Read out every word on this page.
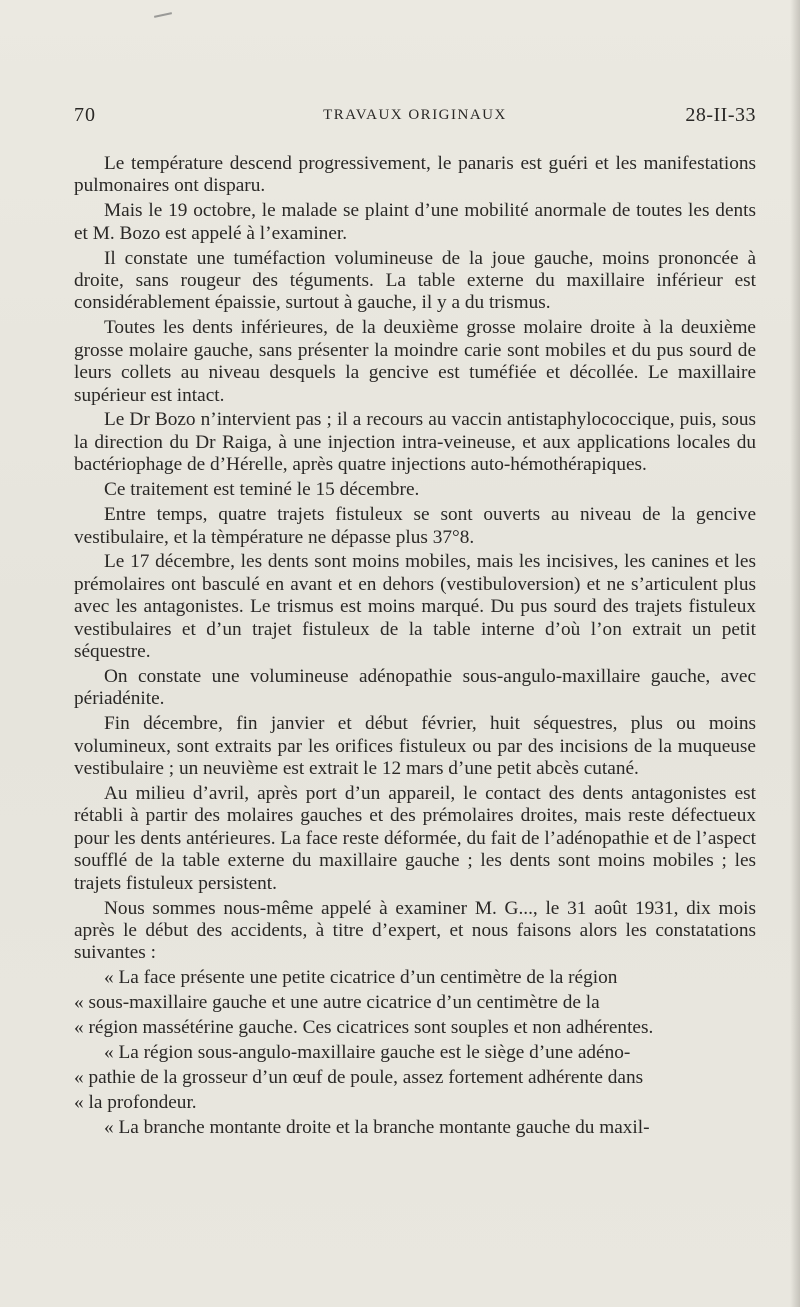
70	TRAVAUX ORIGINAUX	28-II-33

Le température descend progressivement, le panaris est guéri et les manifestations pulmonaires ont disparu.

Mais le 19 octobre, le malade se plaint d’une mobilité anormale de toutes les dents et M. Bozo est appelé à l’examiner.

Il constate une tuméfaction volumineuse de la joue gauche, moins prononcée à droite, sans rougeur des téguments. La table externe du maxillaire inférieur est considérablement épaissie, surtout à gauche, il y a du trismus.

Toutes les dents inférieures, de la deuxième grosse molaire droite à la deuxième grosse molaire gauche, sans présenter la moindre carie sont mobiles et du pus sourd de leurs collets au niveau desquels la gencive est tuméfiée et décollée. Le maxillaire supérieur est intact.

Le Dr Bozo n’intervient pas ; il a recours au vaccin antistaphylococcique, puis, sous la direction du Dr Raiga, à une injection intra-veineuse, et aux applications locales du bactériophage de d’Hérelle, après quatre injections auto-hémothérapiques.

Ce traitement est teminé le 15 décembre.

Entre temps, quatre trajets fistuleux se sont ouverts au niveau de la gencive vestibulaire, et la tèmpérature ne dépasse plus 37°8.

Le 17 décembre, les dents sont moins mobiles, mais les incisives, les canines et les prémolaires ont basculé en avant et en dehors (vestibuloversion) et ne s’articulent plus avec les antagonistes. Le trismus est moins marqué. Du pus sourd des trajets fistuleux vestibulaires et d’un trajet fistuleux de la table interne d’où l’on extrait un petit séquestre.

On constate une volumineuse adénopathie sous-angulo-maxillaire gauche, avec périadénite.

Fin décembre, fin janvier et début février, huit séquestres, plus ou moins volumineux, sont extraits par les orifices fistuleux ou par des incisions de la muqueuse vestibulaire ; un neuvième est extrait le 12 mars d’une petit abcès cutané.

Au milieu d’avril, après port d’un appareil, le contact des dents antagonistes est rétabli à partir des molaires gauches et des prémolaires droites, mais reste défectueux pour les dents antérieures. La face reste déformée, du fait de l’adénopathie et de l’aspect soufflé de la table externe du maxillaire gauche ; les dents sont moins mobiles ; les trajets fistuleux persistent.

Nous sommes nous-même appelé à examiner M. G..., le 31 août 1931, dix mois après le début des accidents, à titre d’expert, et nous faisons alors les constatations suivantes :

« La face présente une petite cicatrice d’un centimètre de la région

« sous-maxillaire gauche et une autre cicatrice d’un centimètre de la

« région massétérine gauche. Ces cicatrices sont souples et non adhérentes.

« La région sous-angulo-maxillaire gauche est le siège d’une adéno-

« pathie de la grosseur d’un œuf de poule, assez fortement adhérente dans

« la profondeur.

« La branche montante droite et la branche montante gauche du maxil-
